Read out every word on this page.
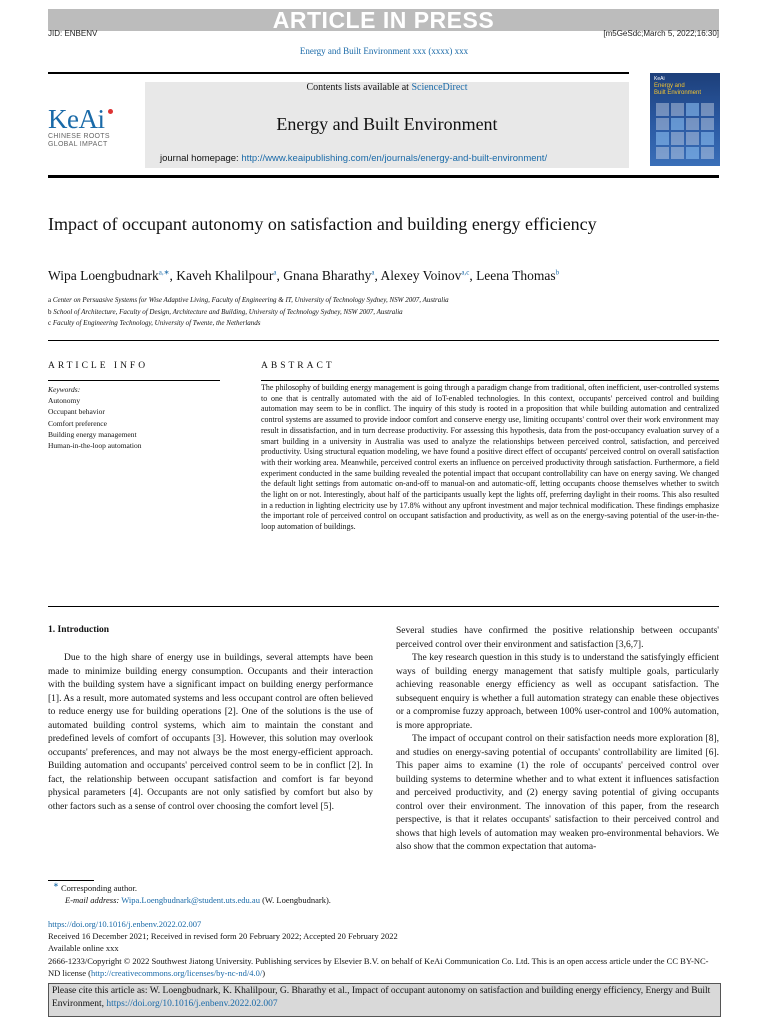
ARTICLE IN PRESS
JID: ENBENV	[m5GeSdc;March 5, 2022;16:30]
Energy and Built Environment xxx (xxxx) xxx
Contents lists available at ScienceDirect
Energy and Built Environment
journal homepage: http://www.keaipublishing.com/en/journals/energy-and-built-environment/
KeAi
CHINESE ROOTS
GLOBAL IMPACT
KeAi
Energy and
Built Environment
Impact of occupant autonomy on satisfaction and building energy efficiency
Wipa Loengbudnark$^{a,∗}$, Kaveh Khalilpour$^a$, Gnana Bharathy$^a$, Alexey Voinov$^{a,c}$, Leena Thomas$^b$
a Center on Persuasive Systems for Wise Adaptive Living, Faculty of Engineering & IT, University of Technology Sydney, NSW 2007, Australia
b School of Architecture, Faculty of Design, Architecture and Building, University of Technology Sydney, NSW 2007, Australia
c Faculty of Engineering Technology, University of Twente, the Netherlands
ARTICLE INFO	ABSTRACT
Keywords:
Autonomy
Occupant behavior
Comfort preference
Building energy management
Human-in-the-loop automation
The philosophy of building energy management is going through a paradigm change from traditional, often inefficient, user-controlled systems to one that is centrally automated with the aid of IoT-enabled technologies. In this context, occupants' perceived control and building automation may seem to be in conflict. The inquiry of this study is rooted in a proposition that while building automation and centralized control systems are assumed to provide indoor comfort and conserve energy use, limiting occupants' control over their work environment may result in dissatisfaction, and in turn decrease productivity. For assessing this hypothesis, data from the post-occupancy evaluation survey of a smart building in a university in Australia was used to analyze the relationships between perceived control, satisfaction, and perceived productivity. Using structural equation modeling, we have found a positive direct effect of occupants' perceived control on overall satisfaction with their working area. Meanwhile, perceived control exerts an influence on perceived productivity through satisfaction. Furthermore, a field experiment conducted in the same building revealed the potential impact that occupant controllability can have on energy saving. We changed the default light settings from automatic on-and-off to manual-on and automatic-off, letting occupants choose themselves whether to switch the light on or not. Interestingly, about half of the participants usually kept the lights off, preferring daylight in their rooms. This also resulted in a reduction in lighting electricity use by 17.8% without any upfront investment and major technical modification. These findings emphasize the important role of perceived control on occupant satisfaction and productivity, as well as on the energy-saving potential of the user-in-the-loop automation of buildings.
1. Introduction

Due to the high share of energy use in buildings, several attempts have been made to minimize building energy consumption. Occupants and their interaction with the building system have a significant impact on building energy performance [1]. As a result, more automated systems and less occupant control are often believed to reduce energy use for building operations [2]. One of the solutions is the use of automated building control systems, which aim to maintain the constant and predefined levels of comfort of occupants [3]. However, this solution may overlook occupants' preferences, and may not always be the most energy-efficient approach. Building automation and occupants' perceived control seem to be in conflict [2]. In fact, the relationship between occupant satisfaction and comfort is far beyond physical parameters [4]. Occupants are not only satisfied by comfort but also by other factors such as a sense of control over choosing the comfort level [5].

Several studies have confirmed the positive relationship between occupants' perceived control over their environment and satisfaction [3,6,7].

The key research question in this study is to understand the satisfyingly efficient ways of building energy management that satisfy multiple goals, particularly achieving reasonable energy efficiency as well as occupant satisfaction. The subsequent enquiry is whether a full automation strategy can enable these objectives or a compromise fuzzy approach, between 100% user-control and 100% automation, is more appropriate.

The impact of occupant control on their satisfaction needs more exploration [8], and studies on energy-saving potential of occupants' controllability are limited [6]. This paper aims to examine (1) the role of occupants' perceived control over building systems to determine whether and to what extent it influences satisfaction and perceived productivity, and (2) energy saving potential of giving occupants control over their environment. The innovation of this paper, from the research perspective, is that it relates occupants' satisfaction to their perceived control and shows that high levels of automation may weaken pro-environmental behaviors. We also show that the common expectation that automa-

∗ Corresponding author.
E-mail address: Wipa.Loengbudnark@student.uts.edu.au (W. Loengbudnark).
https://doi.org/10.1016/j.enbenv.2022.02.007
Received 16 December 2021; Received in revised form 20 February 2022; Accepted 20 February 2022
Available online xxx
2666-1233/Copyright © 2022 Southwest Jiatong University. Publishing services by Elsevier B.V. on behalf of KeAi Communication Co. Ltd. This is an open access article under the CC BY-NC-ND license (http://creativecommons.org/licenses/by-nc-nd/4.0/)
Please cite this article as: W. Loengbudnark, K. Khalilpour, G. Bharathy et al., Impact of occupant autonomy on satisfaction and building energy efficiency, Energy and Built Environment, https://doi.org/10.1016/j.enbenv.2022.02.007
